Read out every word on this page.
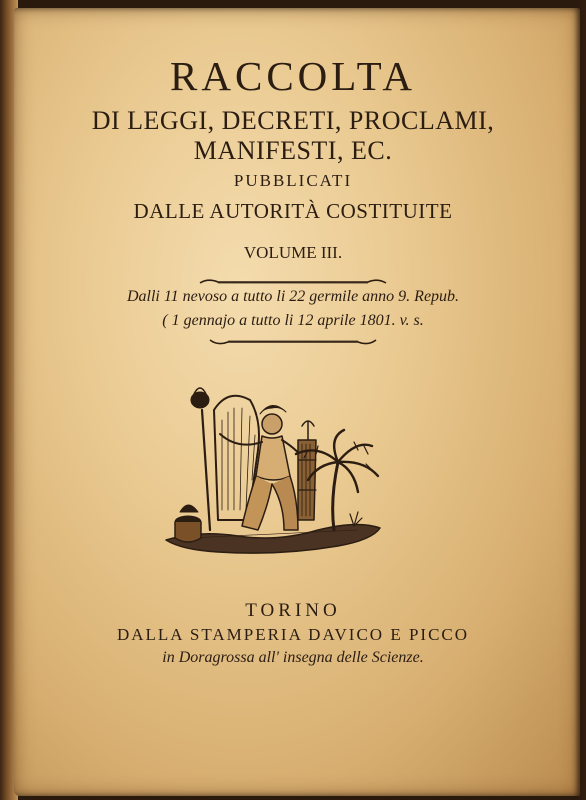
RACCOLTA
DI LEGGI, DECRETI, PROCLAMI,
MANIFESTI, EC.
PUBBLICATI
DALLE AUTORITÀ COSTITUITE
VOLUME III.
Dalli 11 nevoso a tutto li 22 germile anno 9. Repub.
( 1 gennajo a tutto li 12 aprile 1801. v. s.
TORINO
DALLA STAMPERIA DAVICO E PICCO
in Doragrossa all' insegna delle Scienze.
